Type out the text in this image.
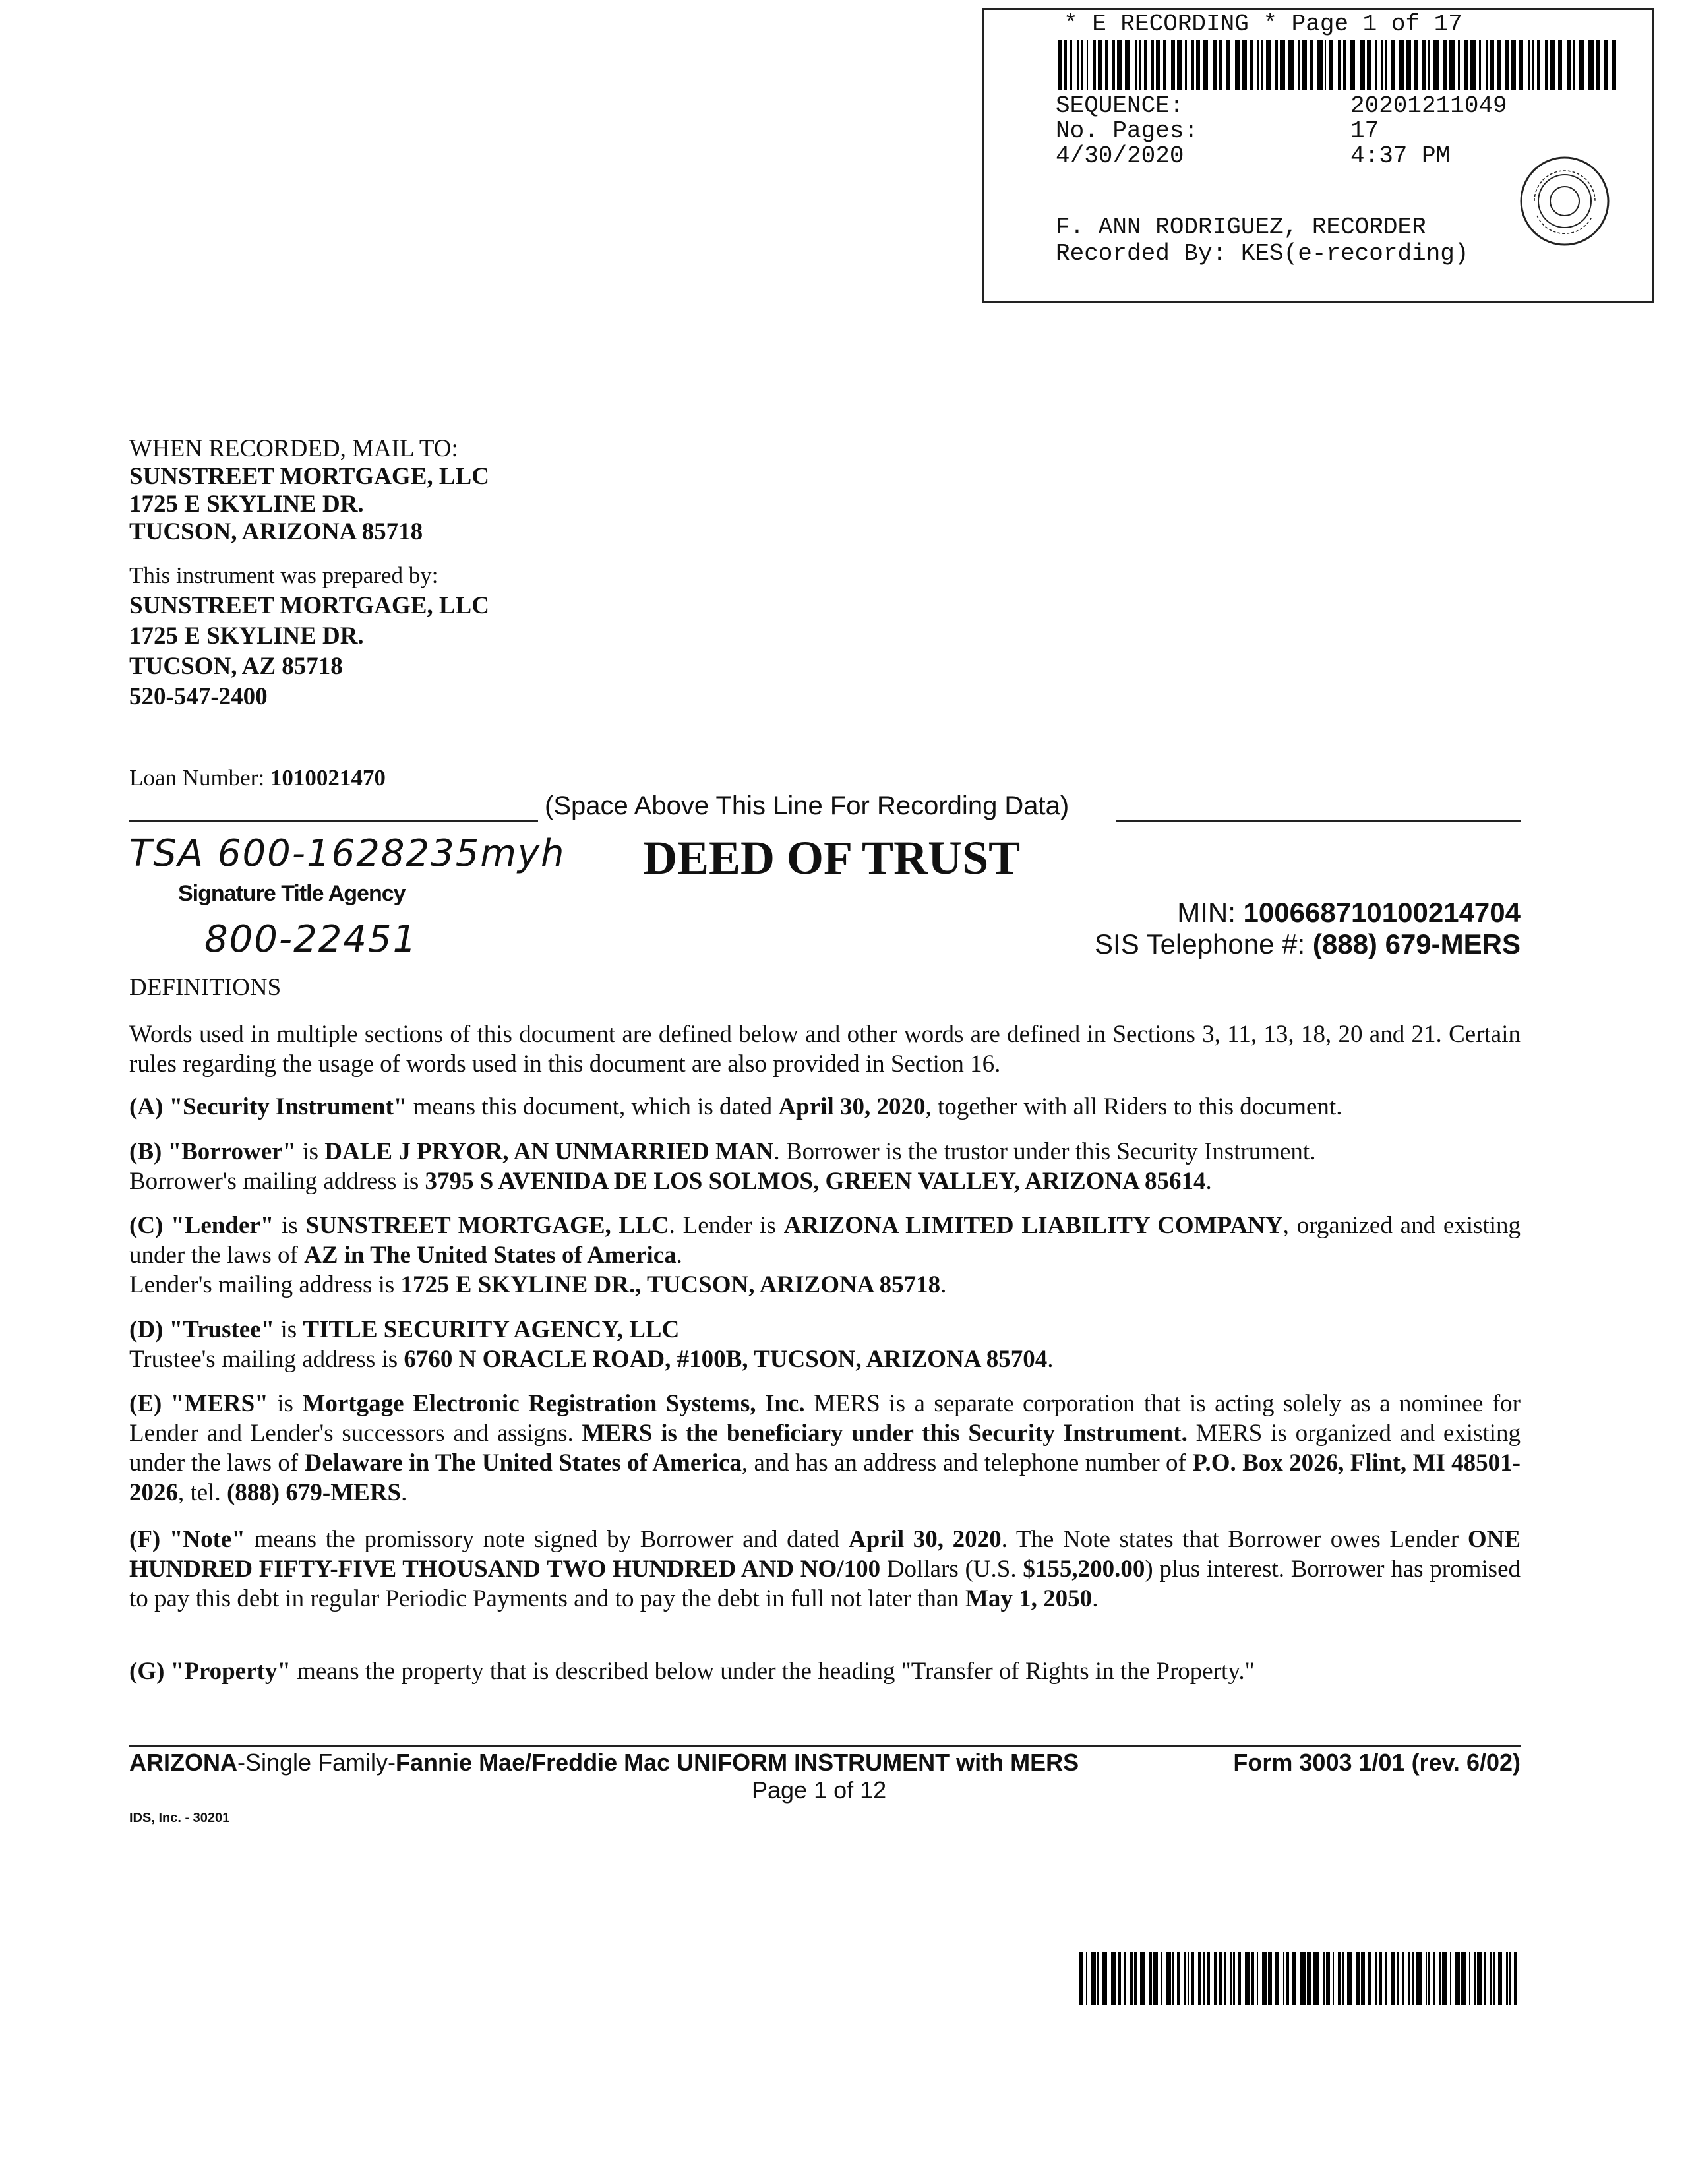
* E RECORDING * Page 1 of 17
SEQUENCE:	20201211049
No. Pages:	17
4/30/2020	4:37 PM
F. ANN RODRIGUEZ, RECORDER
Recorded By: KES(e-recording)
WHEN RECORDED, MAIL TO:
SUNSTREET MORTGAGE, LLC
1725 E SKYLINE DR.
TUCSON, ARIZONA 85718
This instrument was prepared by:
SUNSTREET MORTGAGE, LLC
1725 E SKYLINE DR.
TUCSON, AZ 85718
520-547-2400
Loan Number: 1010021470
(Space Above This Line For Recording Data)
TSA 600-1628235myh
Signature Title Agency
800-22451
DEED OF TRUST
MIN: 1006687101002147​04
SIS Telephone #: (888) 679-MERS
DEFINITIONS
Words used in multiple sections of this document are defined below and other words are defined in Sections 3, 11, 13, 18, 20 and 21. Certain rules regarding the usage of words used in this document are also provided in Section 16.
(A) "Security Instrument" means this document, which is dated April 30, 2020, together with all Riders to this document.
(B) "Borrower" is DALE J PRYOR, AN UNMARRIED MAN. Borrower is the trustor under this Security Instrument.
Borrower's mailing address is 3795 S AVENIDA DE LOS SOLMOS, GREEN VALLEY, ARIZONA 85614.
(C) "Lender" is SUNSTREET MORTGAGE, LLC. Lender is ARIZONA LIMITED LIABILITY COMPANY, organized and existing under the laws of AZ in The United States of America.
Lender's mailing address is 1725 E SKYLINE DR., TUCSON, ARIZONA 85718.
(D) "Trustee" is TITLE SECURITY AGENCY, LLC
Trustee's mailing address is 6760 N ORACLE ROAD, #100B, TUCSON, ARIZONA 85704.
(E) "MERS" is Mortgage Electronic Registration Systems, Inc. MERS is a separate corporation that is acting solely as a nominee for Lender and Lender's successors and assigns. MERS is the beneficiary under this Security Instrument. MERS is organized and existing under the laws of Delaware in The United States of America, and has an address and telephone number of P.O. Box 2026, Flint, MI 48501-2026, tel. (888) 679-MERS.
(F) "Note" means the promissory note signed by Borrower and dated April 30, 2020. The Note states that Borrower owes Lender ONE HUNDRED FIFTY-FIVE THOUSAND TWO HUNDRED AND NO/100 Dollars (U.S. $155,200.00) plus interest. Borrower has promised to pay this debt in regular Periodic Payments and to pay the debt in full not later than May 1, 2050.
(G) "Property" means the property that is described below under the heading "Transfer of Rights in the Property."
ARIZONA-Single Family-Fannie Mae/Freddie Mac UNIFORM INSTRUMENT with MERS	Form 3003 1/01 (rev. 6/02)
Page 1 of 12
IDS, Inc. - 30201
